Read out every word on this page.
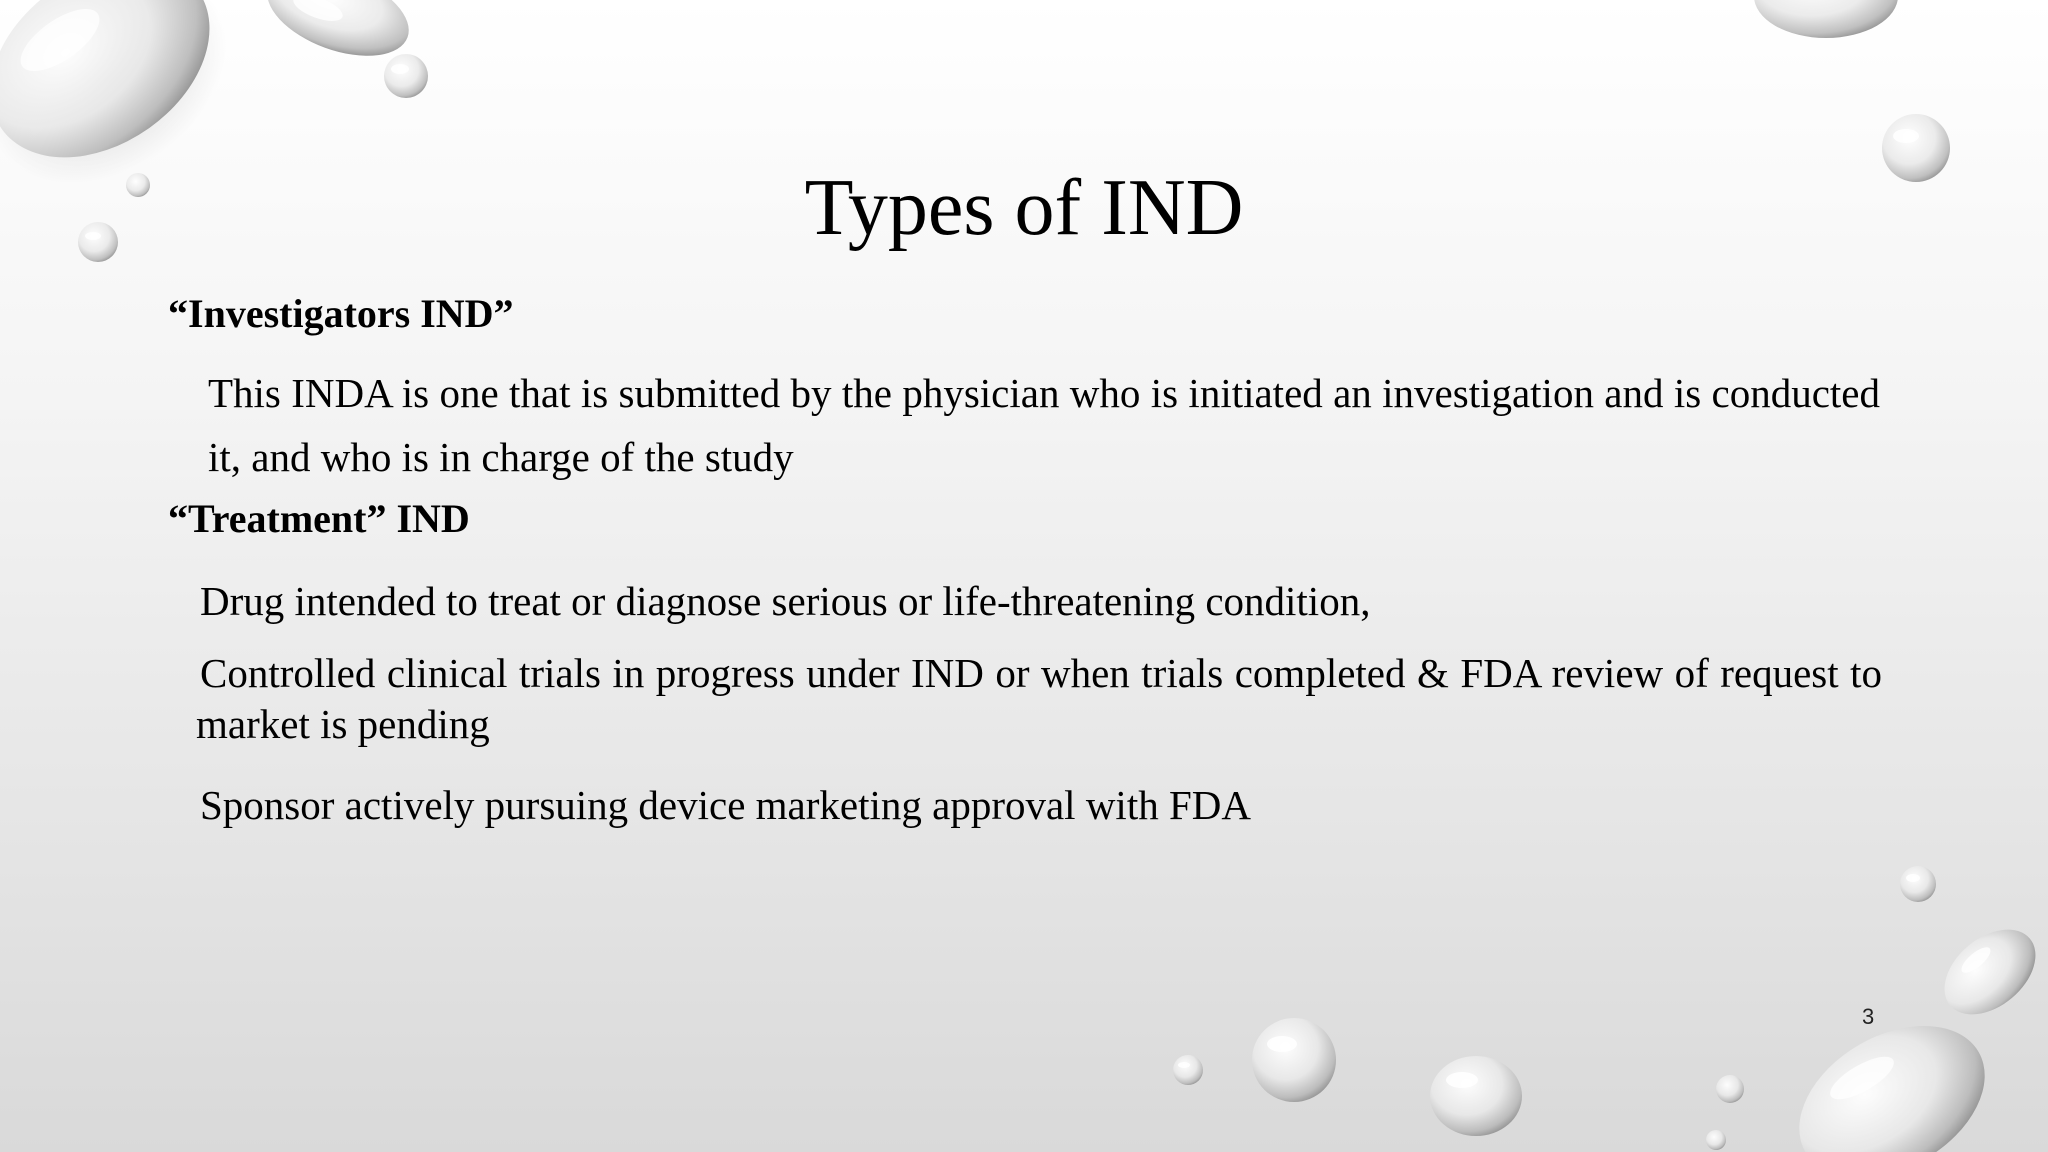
Types of IND
“Investigators IND”

This INDA is one that is submitted by the physician who is initiated an investigation and is conducted it, and who is in charge of the study

“Treatment” IND

Drug intended to treat or diagnose serious or life-threatening condition,

Controlled clinical trials in progress under IND or when trials completed & FDA review of request to market is pending

Sponsor actively pursuing device marketing approval with FDA

3
